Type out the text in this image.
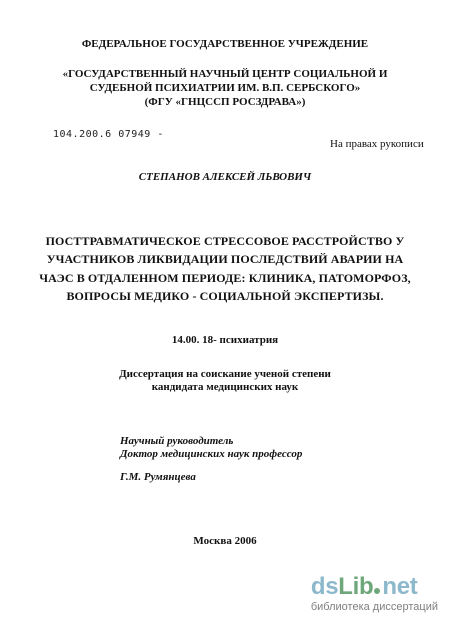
ФЕДЕРАЛЬНОЕ ГОСУДАРСТВЕННОЕ УЧРЕЖДЕНИЕ
«ГОСУДАРСТВЕННЫЙ НАУЧНЫЙ ЦЕНТР СОЦИАЛЬНОЙ И
СУДЕБНОЙ ПСИХИАТРИИ ИМ. В.П. СЕРБСКОГО»
(ФГУ «ГНЦССП РОСЗДРАВА»)
104.200.6 07949 -
На правах рукописи
СТЕПАНОВ АЛЕКСЕЙ ЛЬВОВИЧ
ПОСТТРАВМАТИЧЕСКОЕ СТРЕССОВОЕ РАССТРОЙСТВО У
УЧАСТНИКОВ ЛИКВИДАЦИИ ПОСЛЕДСТВИЙ АВАРИИ НА
ЧАЭС В ОТДАЛЕННОМ ПЕРИОДЕ: КЛИНИКА, ПАТОМОРФОЗ,
ВОПРОСЫ МЕДИКО - СОЦИАЛЬНОЙ ЭКСПЕРТИЗЫ.
14.00. 18- психиатрия
Диссертация на соискание ученой степени
кандидата медицинских наук
Научный руководитель
Доктор медицинских наук профессор
Г.М. Румянцева
Москва 2006
ds Lib net
библиотека диссертаций
